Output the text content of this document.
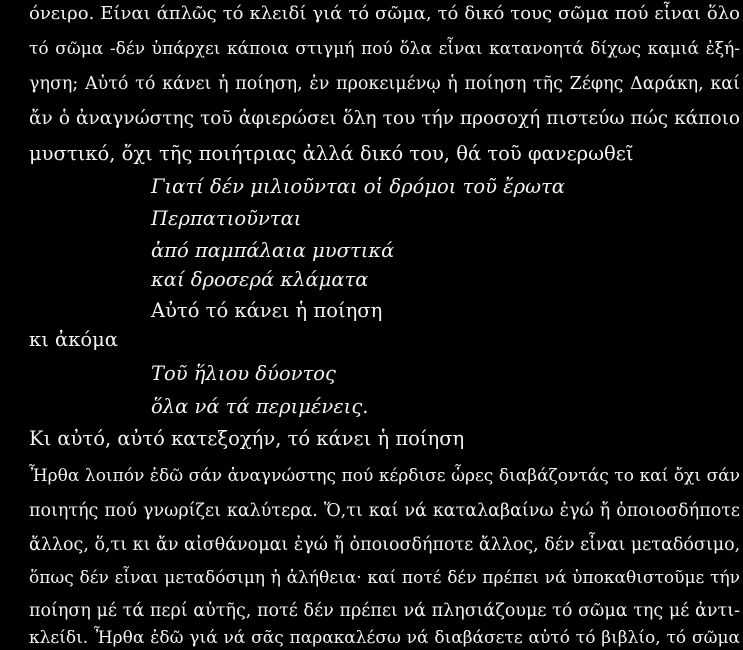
όνειρο. Είναι άπλῶς τό κλειδί γιά τό σῶμα, τό δικό τους σῶμα πού εἶναι ὅλο
τό σῶμα -δέν ὑπάρχει κάποια στιγμή πού ὅλα εἶναι κατανοητά δίχως καμιά ἐξή-
γηση; Αὐτό τό κάνει ἡ ποίηση, ἐν προκειμένῳ ἡ ποίηση τῆς Ζέφης Δαράκη, καί
ἄν ὁ ἀναγνώστης τοῦ ἀφιερώσει ὅλη του τήν προσοχή πιστεύω πώς κάποιο
μυστικό, ὄχι τῆς ποιήτριας ἀλλά δικό του, θά τοῦ φανερωθεῖ
Γιατί δέν μιλιοῦνται οἱ δρόμοι τοῦ ἔρωτα
Περπατιοῦνται
ἀπό παμπάλαια μυστικά
καί δροσερά κλάματα
Αὐτό τό κάνει ἡ ποίηση
κι ἀκόμα
Τοῦ ἥλιου δύοντος
ὅλα νά τά περιμένεις.
Κι αὐτό, αὐτό κατεξοχήν, τό κάνει ἡ ποίηση
Ἦρθα λοιπόν ἐδῶ σάν ἀναγνώστης πού κέρδισε ὧρες διαβάζοντάς το καί ὄχι σάν
ποιητής πού γνωρίζει καλύτερα. Ὅ,τι καί νά καταλαβαίνω ἐγώ ἤ ὁποιοσδήποτε
ἄλλος, ὅ,τι κι ἄν αἰσθάνομαι ἐγώ ἤ ὁποιοσδήποτε ἄλλος, δέν εἶναι μεταδόσιμο,
ὅπως δέν εἶναι μεταδόσιμη ἡ ἀλήθεια· καί ποτέ δέν πρέπει νά ὑποκαθιστοῦμε τήν
ποίηση μέ τά περί αὐτῆς, ποτέ δέν πρέπει νά πλησιάζουμε τό σῶμα της μέ ἀντι-
κλείδι. Ἦρθα ἐδῶ γιά νά σᾶς παρακαλέσω νά διαβάσετε αὐτό τό βιβλίο, τό σῶμα
